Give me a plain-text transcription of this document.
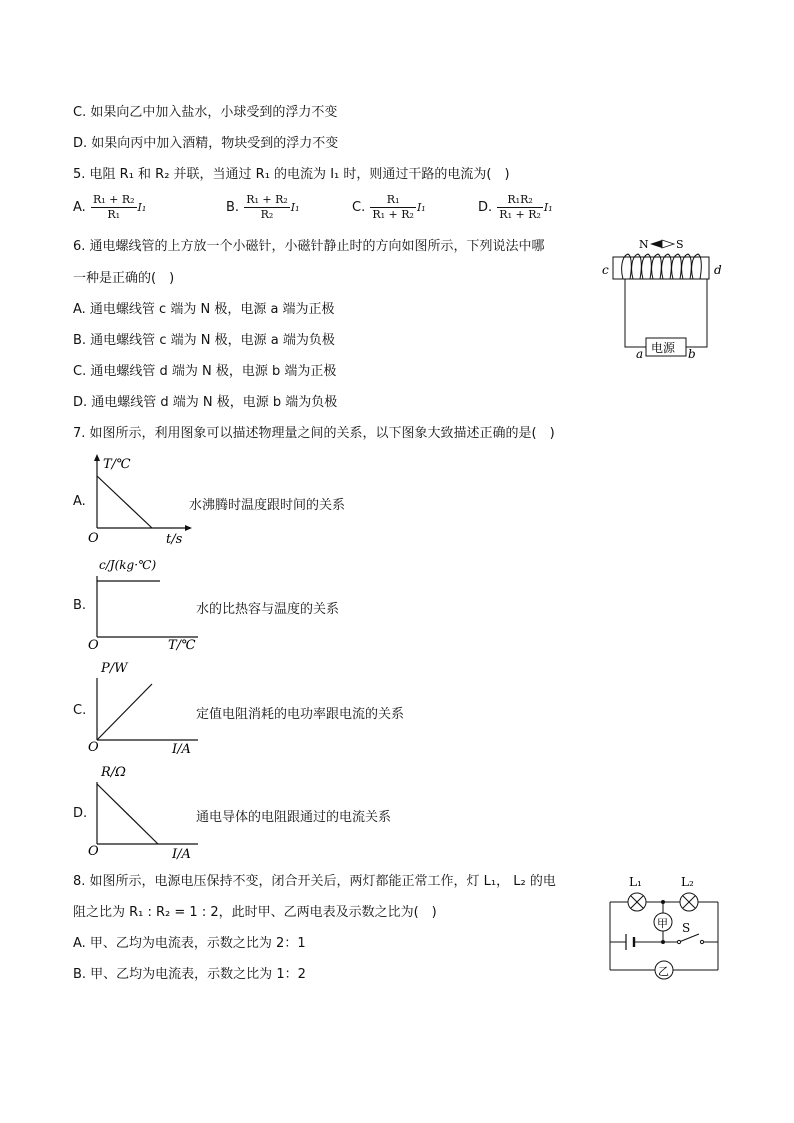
C. 如果向乙中加入盐水，小球受到的浮力不变
D. 如果向丙中加入酒精，物块受到的浮力不变
5. 电阻 R₁ 和 R₂ 并联，当通过 R₁ 的电流为 I₁ 时，则通过干路的电流为(　)
A. $\frac{\text{R₁ + R₂}}{\text{R₁}} I_1$	B. $\frac{\text{R₁ + R₂}}{\text{R₂}} I_1$	C. $\frac{\text{R₁}}{\text{R₁ + R₂}} I_1$	D. $\frac{\text{R₁R₂}}{\text{R₁ + R₂}} I_1$
6. 通电螺线管的上方放一个小磁针，小磁针静止时的方向如图所示，下列说法中哪
一种是正确的(　)
A. 通电螺线管 c 端为 N 极，电源 a 端为正极
B. 通电螺线管 c 端为 N 极，电源 a 端为负极
C. 通电螺线管 d 端为 N 极，电源 b 端为正极
D. 通电螺线管 d 端为 N 极，电源 b 端为负极
N S
c	d
电源
a	b
7. 如图所示，利用图象可以描述物理量之间的关系，以下图象大致描述正确的是(　)
A.
T/℃
O	t/s
水沸腾时温度跟时间的关系
B.
c/J(kg·℃)
O	T/℃
水的比热容与温度的关系
C.
P/W
O	I/A
定值电阻消耗的电功率跟电流的关系
D.
R/Ω
O	I/A
通电导体的电阻跟通过的电流关系
8. 如图所示，电源电压保持不变，闭合开关后，两灯都能正常工作，灯 L₁， L₂ 的电
阻之比为 R₁ : R₂ = 1 : 2，此时甲、乙两电表及示数之比为(　)
A. 甲、乙均为电流表，示数之比为 2：1
B. 甲、乙均为电流表，示数之比为 1：2
甲
乙
L₁	L₂
S
